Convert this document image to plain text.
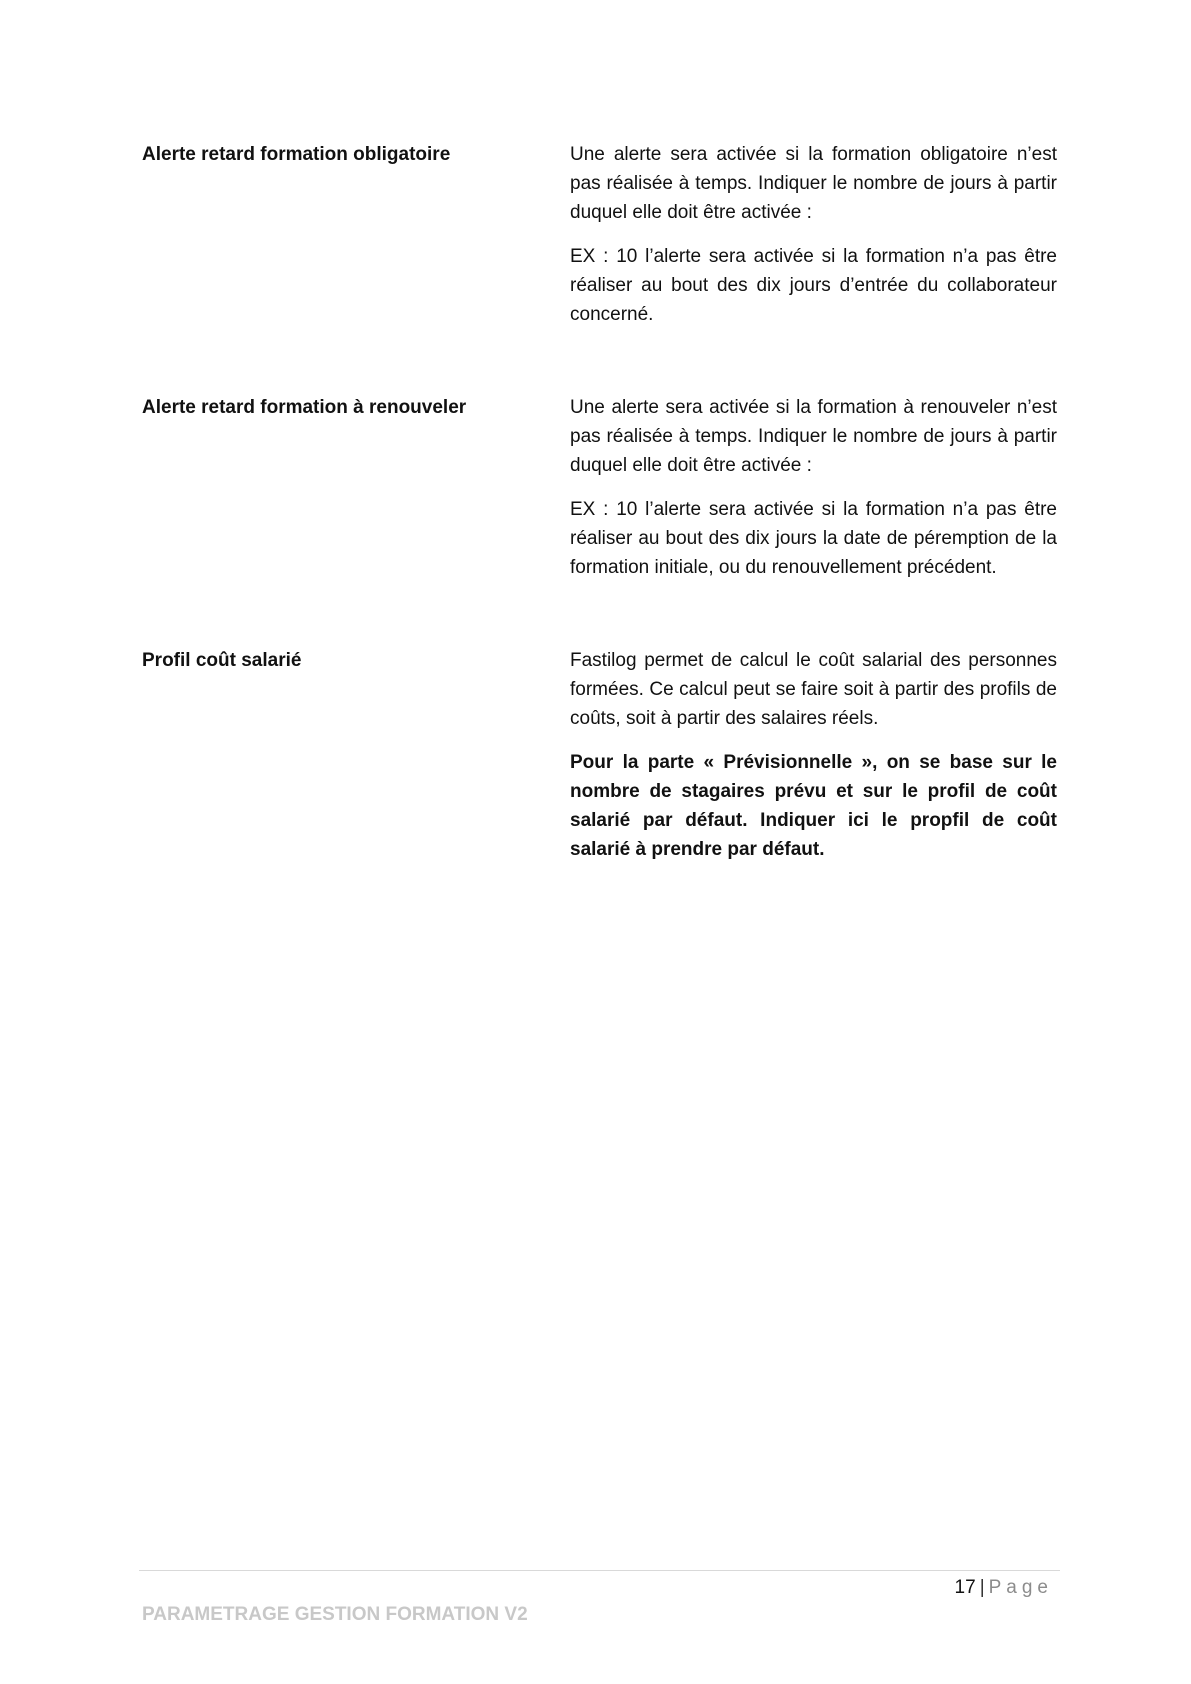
Alerte retard formation obligatoire	Une alerte sera activée si la formation obligatoire n’est pas réalisée à temps. Indiquer le nombre de jours à partir duquel elle doit être activée :

EX : 10 l’alerte sera activée si la formation n’a pas être réaliser au bout des dix jours d’entrée du collaborateur concerné.

Alerte retard formation à renouveler	Une alerte sera activée si la formation à renouveler n’est pas réalisée à temps. Indiquer le nombre de jours à partir duquel elle doit être activée :

EX : 10 l’alerte sera activée si la formation n’a pas être réaliser au bout des dix jours la date de péremption de la formation initiale, ou du renouvellement précédent.

Profil coût salarié	Fastilog permet de calcul le coût salarial des personnes formées. Ce calcul peut se faire soit à partir des profils de coûts, soit à partir des salaires réels.

Pour la parte « Prévisionnelle », on se base sur le nombre de stagaires prévu et sur le profil de coût salarié par défaut. Indiquer ici le propfil de coût salarié à prendre par défaut.

17 | Page
PARAMETRAGE GESTION FORMATION V2
